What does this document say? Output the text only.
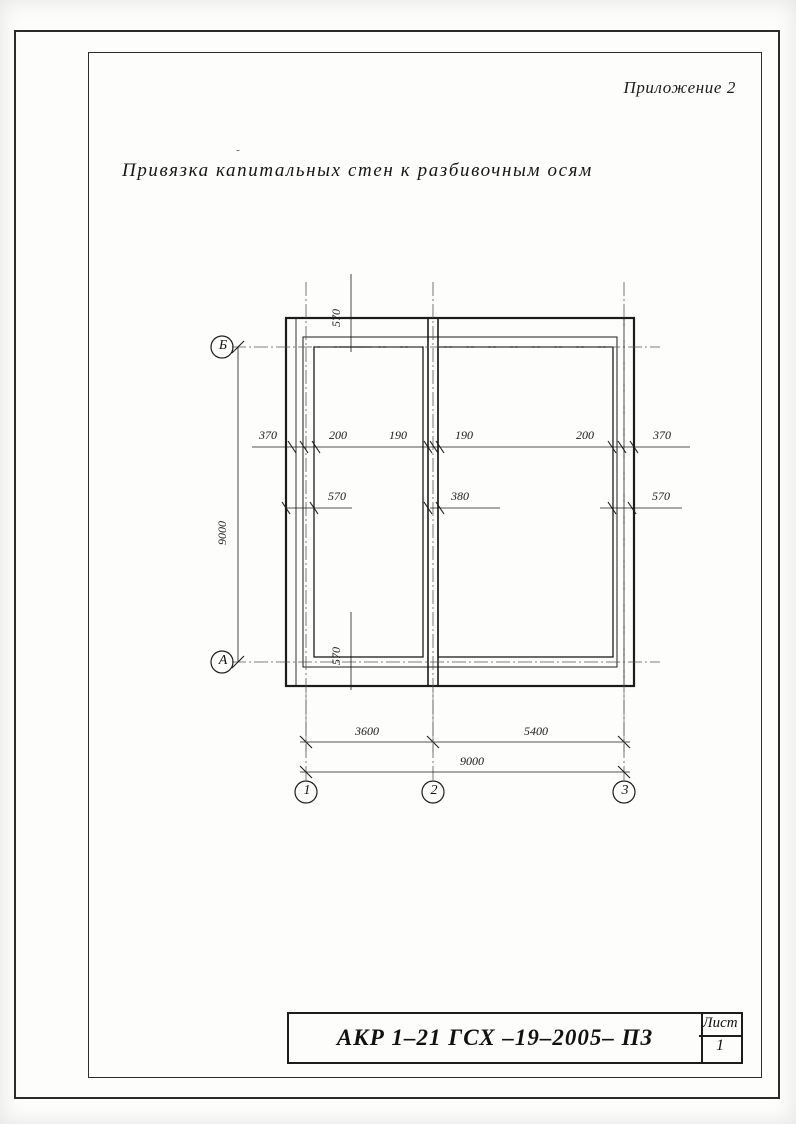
Приложение 2
˜
Привязка капитальных стен к разбивочным осям
570
370	200	190	190	200	370
570	380	570
570
9000
3600	5400
9000
Б
А
1	2	3
АКР 1–21 ГСХ –19–2005– ПЗ
Лист
1
